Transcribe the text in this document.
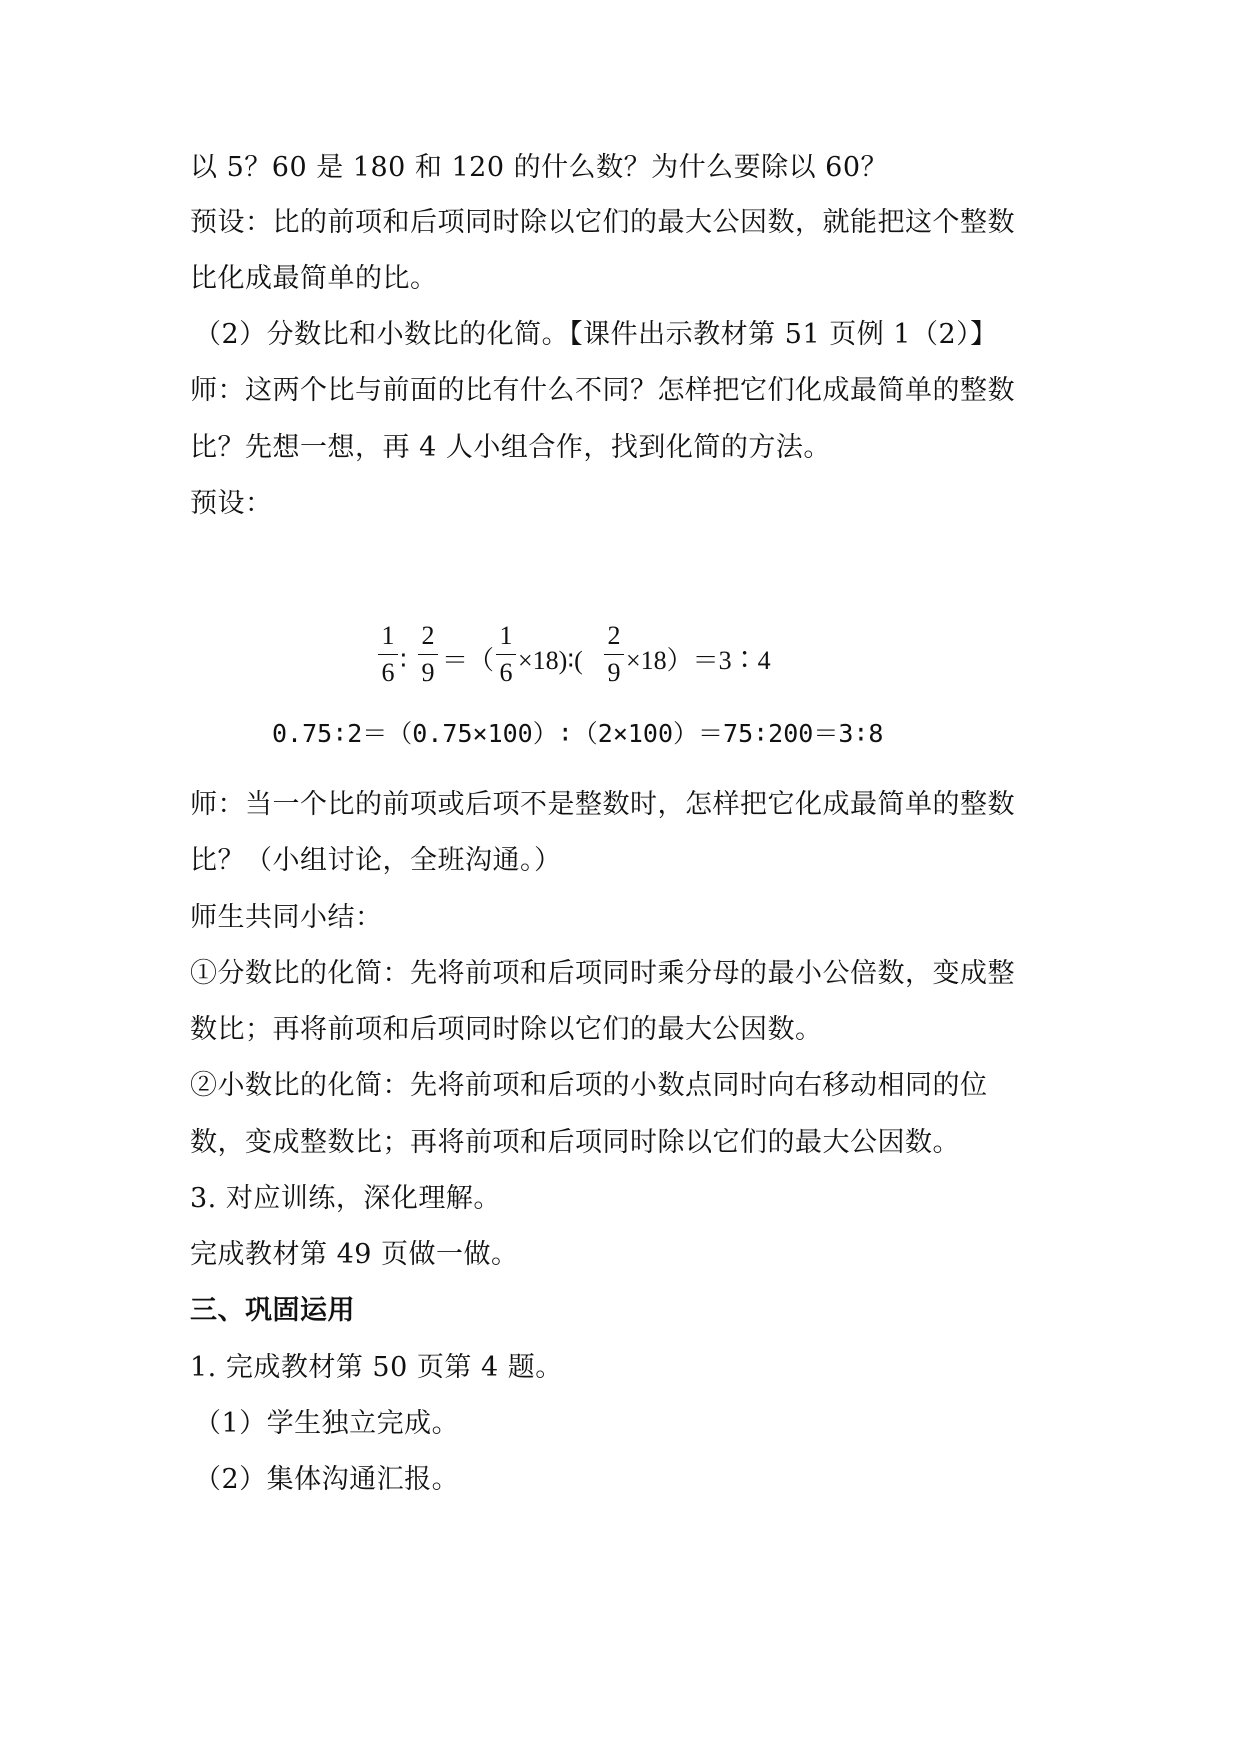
以 5？60 是 180 和 120 的什么数？为什么要除以 60？
预设：比的前项和后项同时除以它们的最大公因数，就能把这个整数
比化成最简单的比。
（2）分数比和小数比的化简。【课件出示教材第 51 页例 1（2）】
师：这两个比与前面的比有什么不同？怎样把它们化成最简单的整数
比？先想一想，再 4 人小组合作，找到化简的方法。
预设：
1
6 ∶
2
9 ＝（
1
6 ×18)∶(
2
9 ×18）＝3∶4
0.75∶2＝（0.75×100）∶（2×100）＝75∶200＝3∶8
师：当一个比的前项或后项不是整数时，怎样把它化成最简单的整数
比？（小组讨论，全班沟通。）
师生共同小结：
①分数比的化简：先将前项和后项同时乘分母的最小公倍数，变成整
数比；再将前项和后项同时除以它们的最大公因数。
②小数比的化简：先将前项和后项的小数点同时向右移动相同的位
数，变成整数比；再将前项和后项同时除以它们的最大公因数。
3. 对应训练，深化理解。
完成教材第 49 页做一做。
三、巩固运用
1. 完成教材第 50 页第 4 题。
（1）学生独立完成。
（2）集体沟通汇报。
